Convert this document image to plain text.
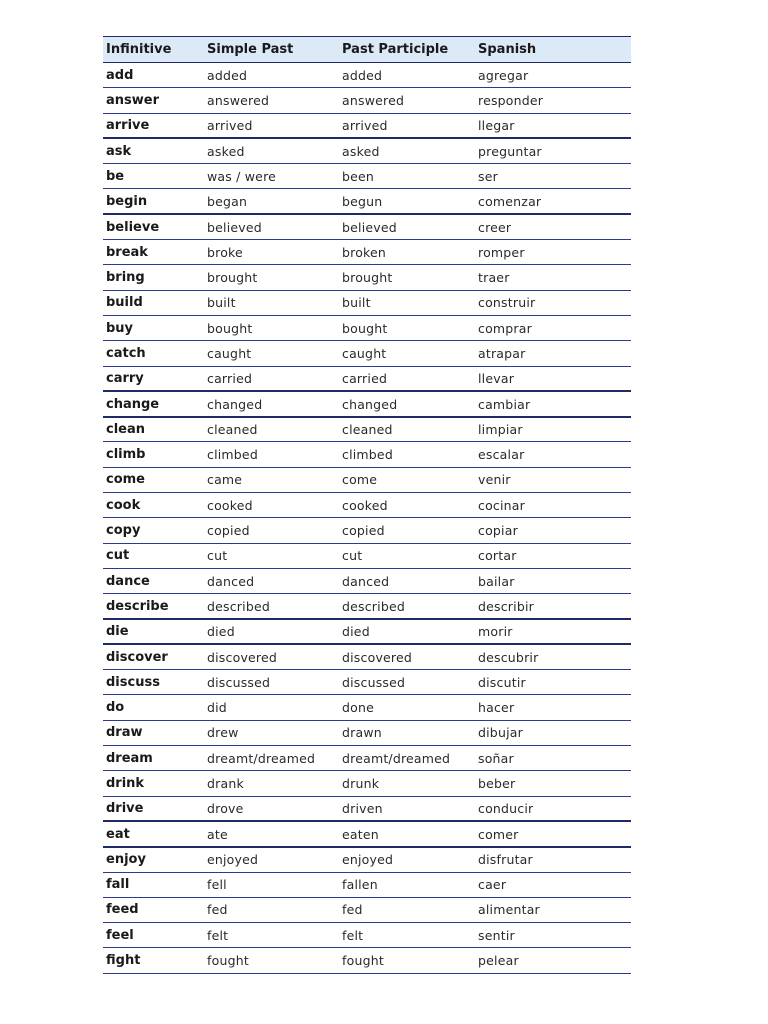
Infinitive	Simple Past	Past Participle	Spanish
add	added	added	agregar
answer	answered	answered	responder
arrive	arrived	arrived	llegar
ask	asked	asked	preguntar
be	was / were	been	ser
begin	began	begun	comenzar
believe	believed	believed	creer
break	broke	broken	romper
bring	brought	brought	traer
build	built	built	construir
buy	bought	bought	comprar
catch	caught	caught	atrapar
carry	carried	carried	llevar
change	changed	changed	cambiar
clean	cleaned	cleaned	limpiar
climb	climbed	climbed	escalar
come	came	come	venir
cook	cooked	cooked	cocinar
copy	copied	copied	copiar
cut	cut	cut	cortar
dance	danced	danced	bailar
describe	described	described	describir
die	died	died	morir
discover	discovered	discovered	descubrir
discuss	discussed	discussed	discutir
do	did	done	hacer
draw	drew	drawn	dibujar
dream	dreamt/dreamed	dreamt/dreamed	soñar
drink	drank	drunk	beber
drive	drove	driven	conducir
eat	ate	eaten	comer
enjoy	enjoyed	enjoyed	disfrutar
fall	fell	fallen	caer
feed	fed	fed	alimentar
feel	felt	felt	sentir
fight	fought	fought	pelear
